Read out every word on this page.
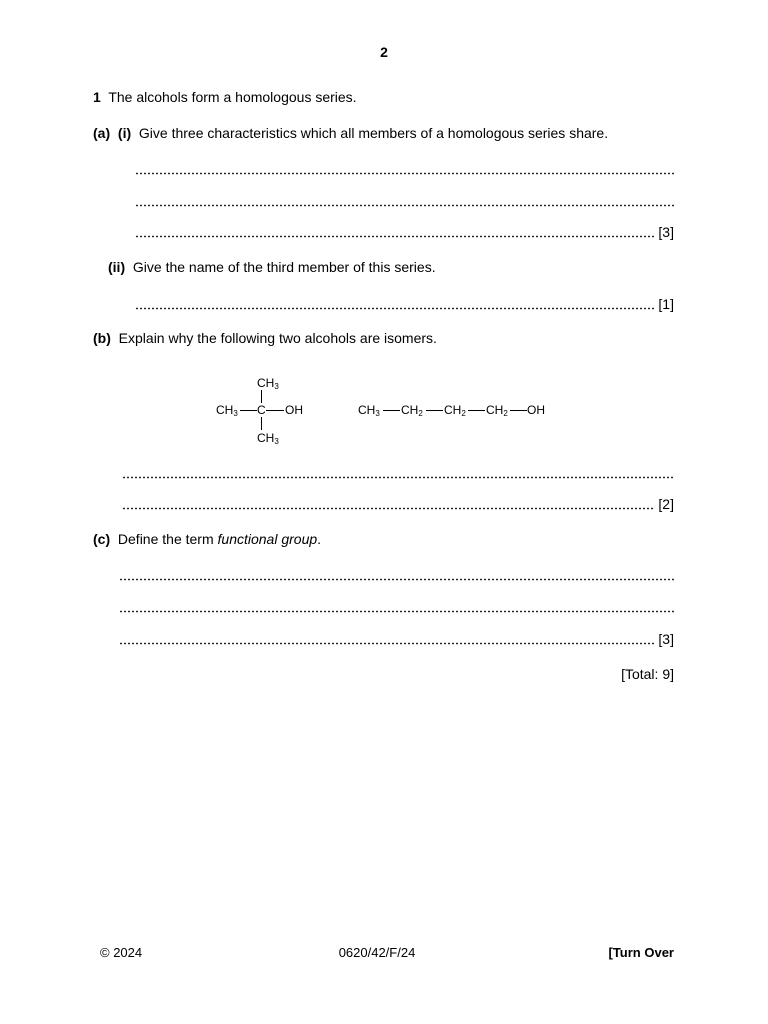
2
1 The alcohols form a homologous series.
(a) (i) Give three characteristics which all members of a homologous series share.
[3]
(ii) Give the name of the third member of this series.
[1]
(b) Explain why the following two alcohols are isomers.
$CH_3$
$CH_3$ C OH
$CH_3$
$CH_3$ $CH_2$ $CH_2$ $CH_2$ OH
[2]
(c) Define the term functional group.
[3]
[Total: 9]
© 2024	0620/42/F/24	[Turn Over
